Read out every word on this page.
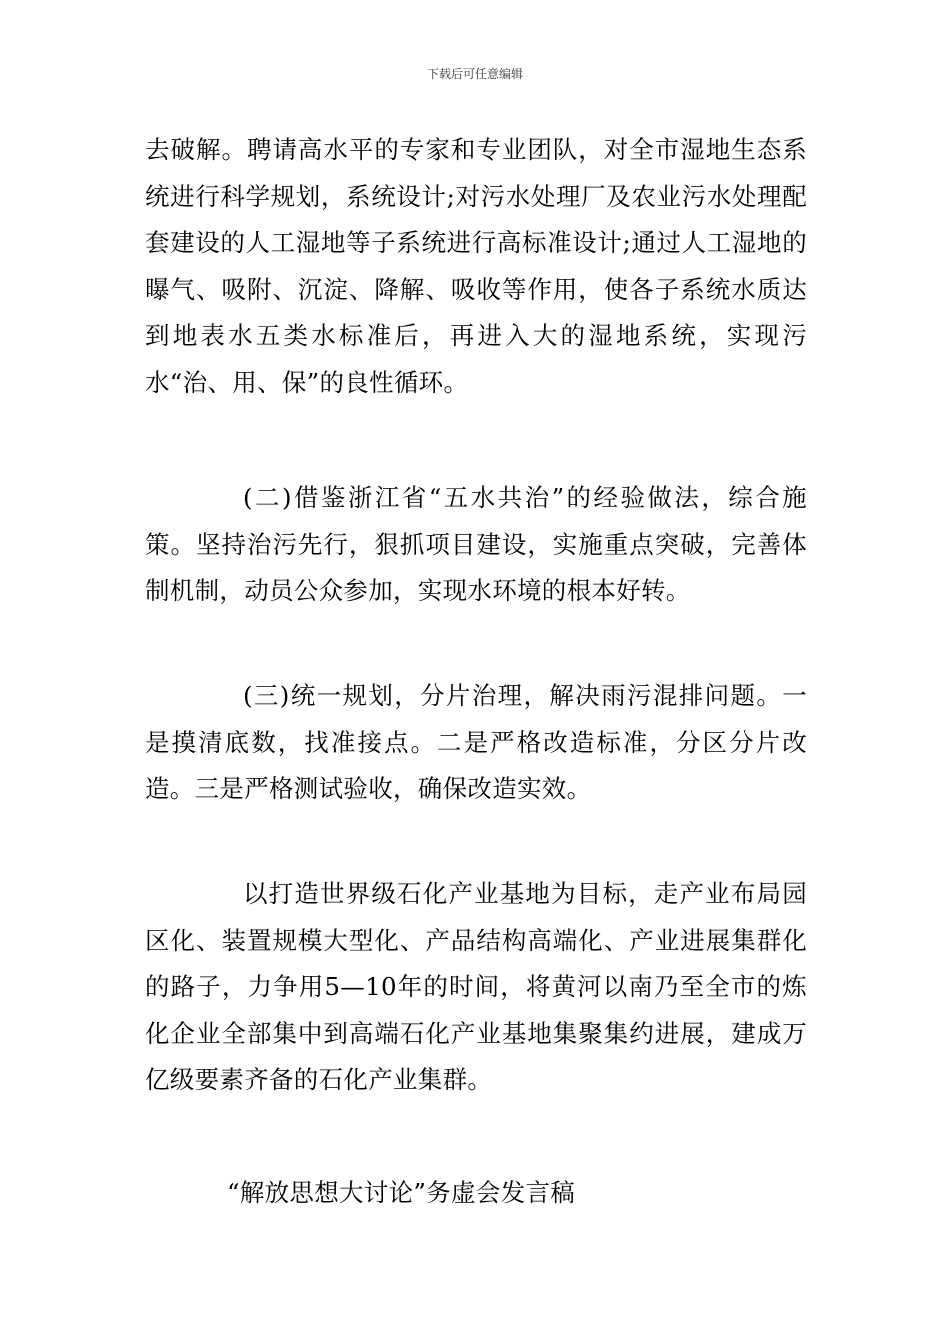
下载后可任意编辑

去破解。聘请高水平的专家和专业团队，对全市湿地生态系统进行科学规划，系统设计;对污水处理厂及农业污水处理配套建设的人工湿地等子系统进行高标准设计;通过人工湿地的曝气、吸附、沉淀、降解、吸收等作用，使各子系统水质达到地表水五类水标准后，再进入大的湿地系统，实现污水“治、用、保”的良性循环。

(二)借鉴浙江省“五水共治”的经验做法，综合施策。坚持治污先行，狠抓项目建设，实施重点突破，完善体制机制，动员公众参加，实现水环境的根本好转。

(三)统一规划，分片治理，解决雨污混排问题。一是摸清底数，找准接点。二是严格改造标准，分区分片改造。三是严格测试验收，确保改造实效。

以打造世界级石化产业基地为目标，走产业布局园区化、装置规模大型化、产品结构高端化、产业进展集群化的路子，力争用5—10年的时间，将黄河以南乃至全市的炼化企业全部集中到高端石化产业基地集聚集约进展，建成万亿级要素齐备的石化产业集群。

“解放思想大讨论”务虚会发言稿
